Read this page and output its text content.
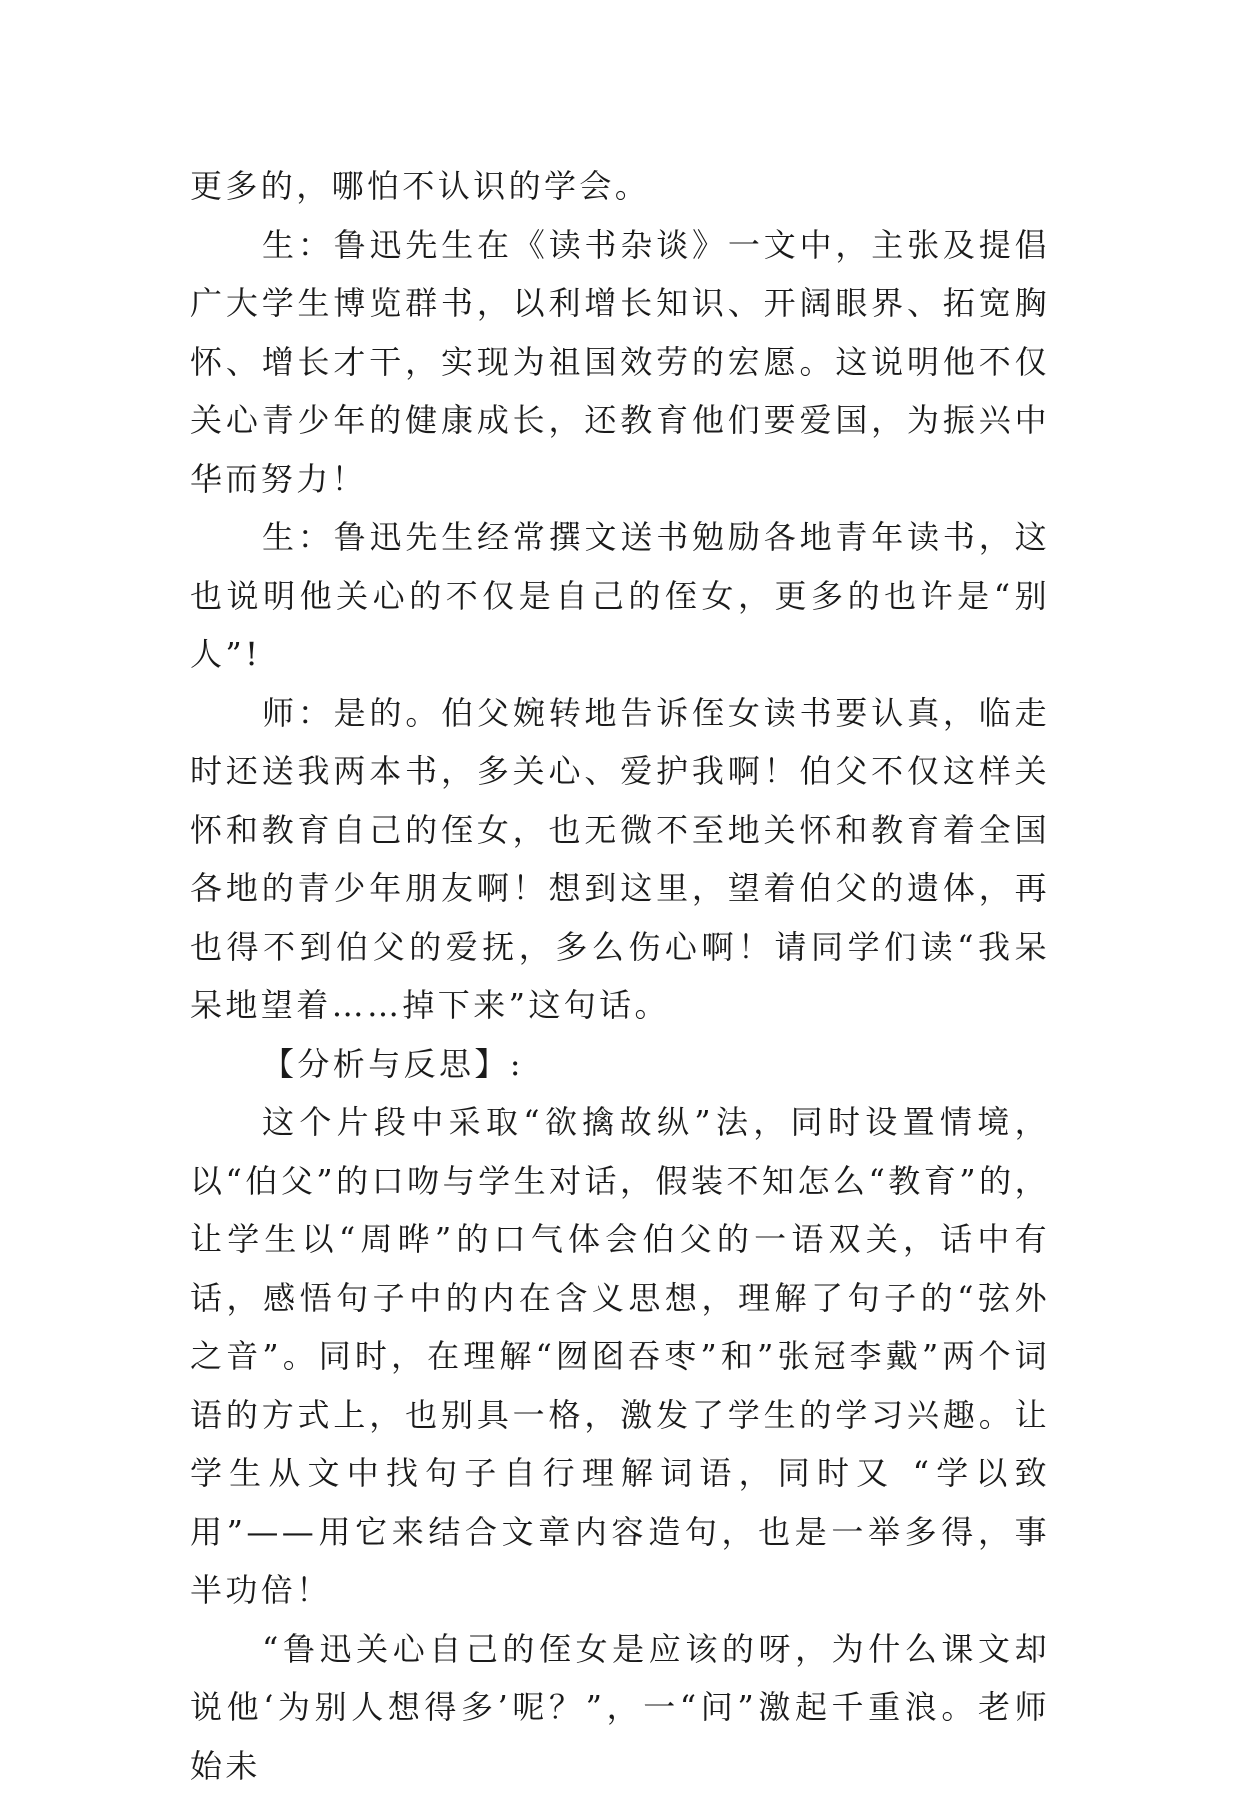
更多的，哪怕不认识的学会。

生：鲁迅先生在《读书杂谈》一文中，主张及提倡广大学生博览群书，以利增长知识、开阔眼界、拓宽胸怀、增长才干，实现为祖国效劳的宏愿。这说明他不仅关心青少年的健康成长，还教育他们要爱国，为振兴中华而努力！

生：鲁迅先生经常撰文送书勉励各地青年读书，这也说明他关心的不仅是自己的侄女，更多的也许是“别人”!

师：是的。伯父婉转地告诉侄女读书要认真，临走时还送我两本书，多关心、爱护我啊！伯父不仅这样关怀和教育自己的侄女，也无微不至地关怀和教育着全国各地的青少年朋友啊！想到这里，望着伯父的遗体，再也得不到伯父的爱抚，多么伤心啊！请同学们读“我呆呆地望着……掉下来”这句话。

【分析与反思】:

这个片段中采取“欲擒故纵”法，同时设置情境，以“伯父”的口吻与学生对话，假装不知怎么“教育”的，让学生以“周晔”的口气体会伯父的一语双关，话中有话，感悟句子中的内在含义思想，理解了句子的“弦外之音”。同时，在理解“囫囵吞枣”和”张冠李戴”两个词语的方式上，也别具一格，激发了学生的学习兴趣。让学生从文中找句子自行理解词语，同时又 “学以致用”——用它来结合文章内容造句，也是一举多得，事半功倍！

“鲁迅关心自己的侄女是应该的呀，为什么课文却说他‘为别人想得多’呢？”，一“问”激起千重浪。老师始未
